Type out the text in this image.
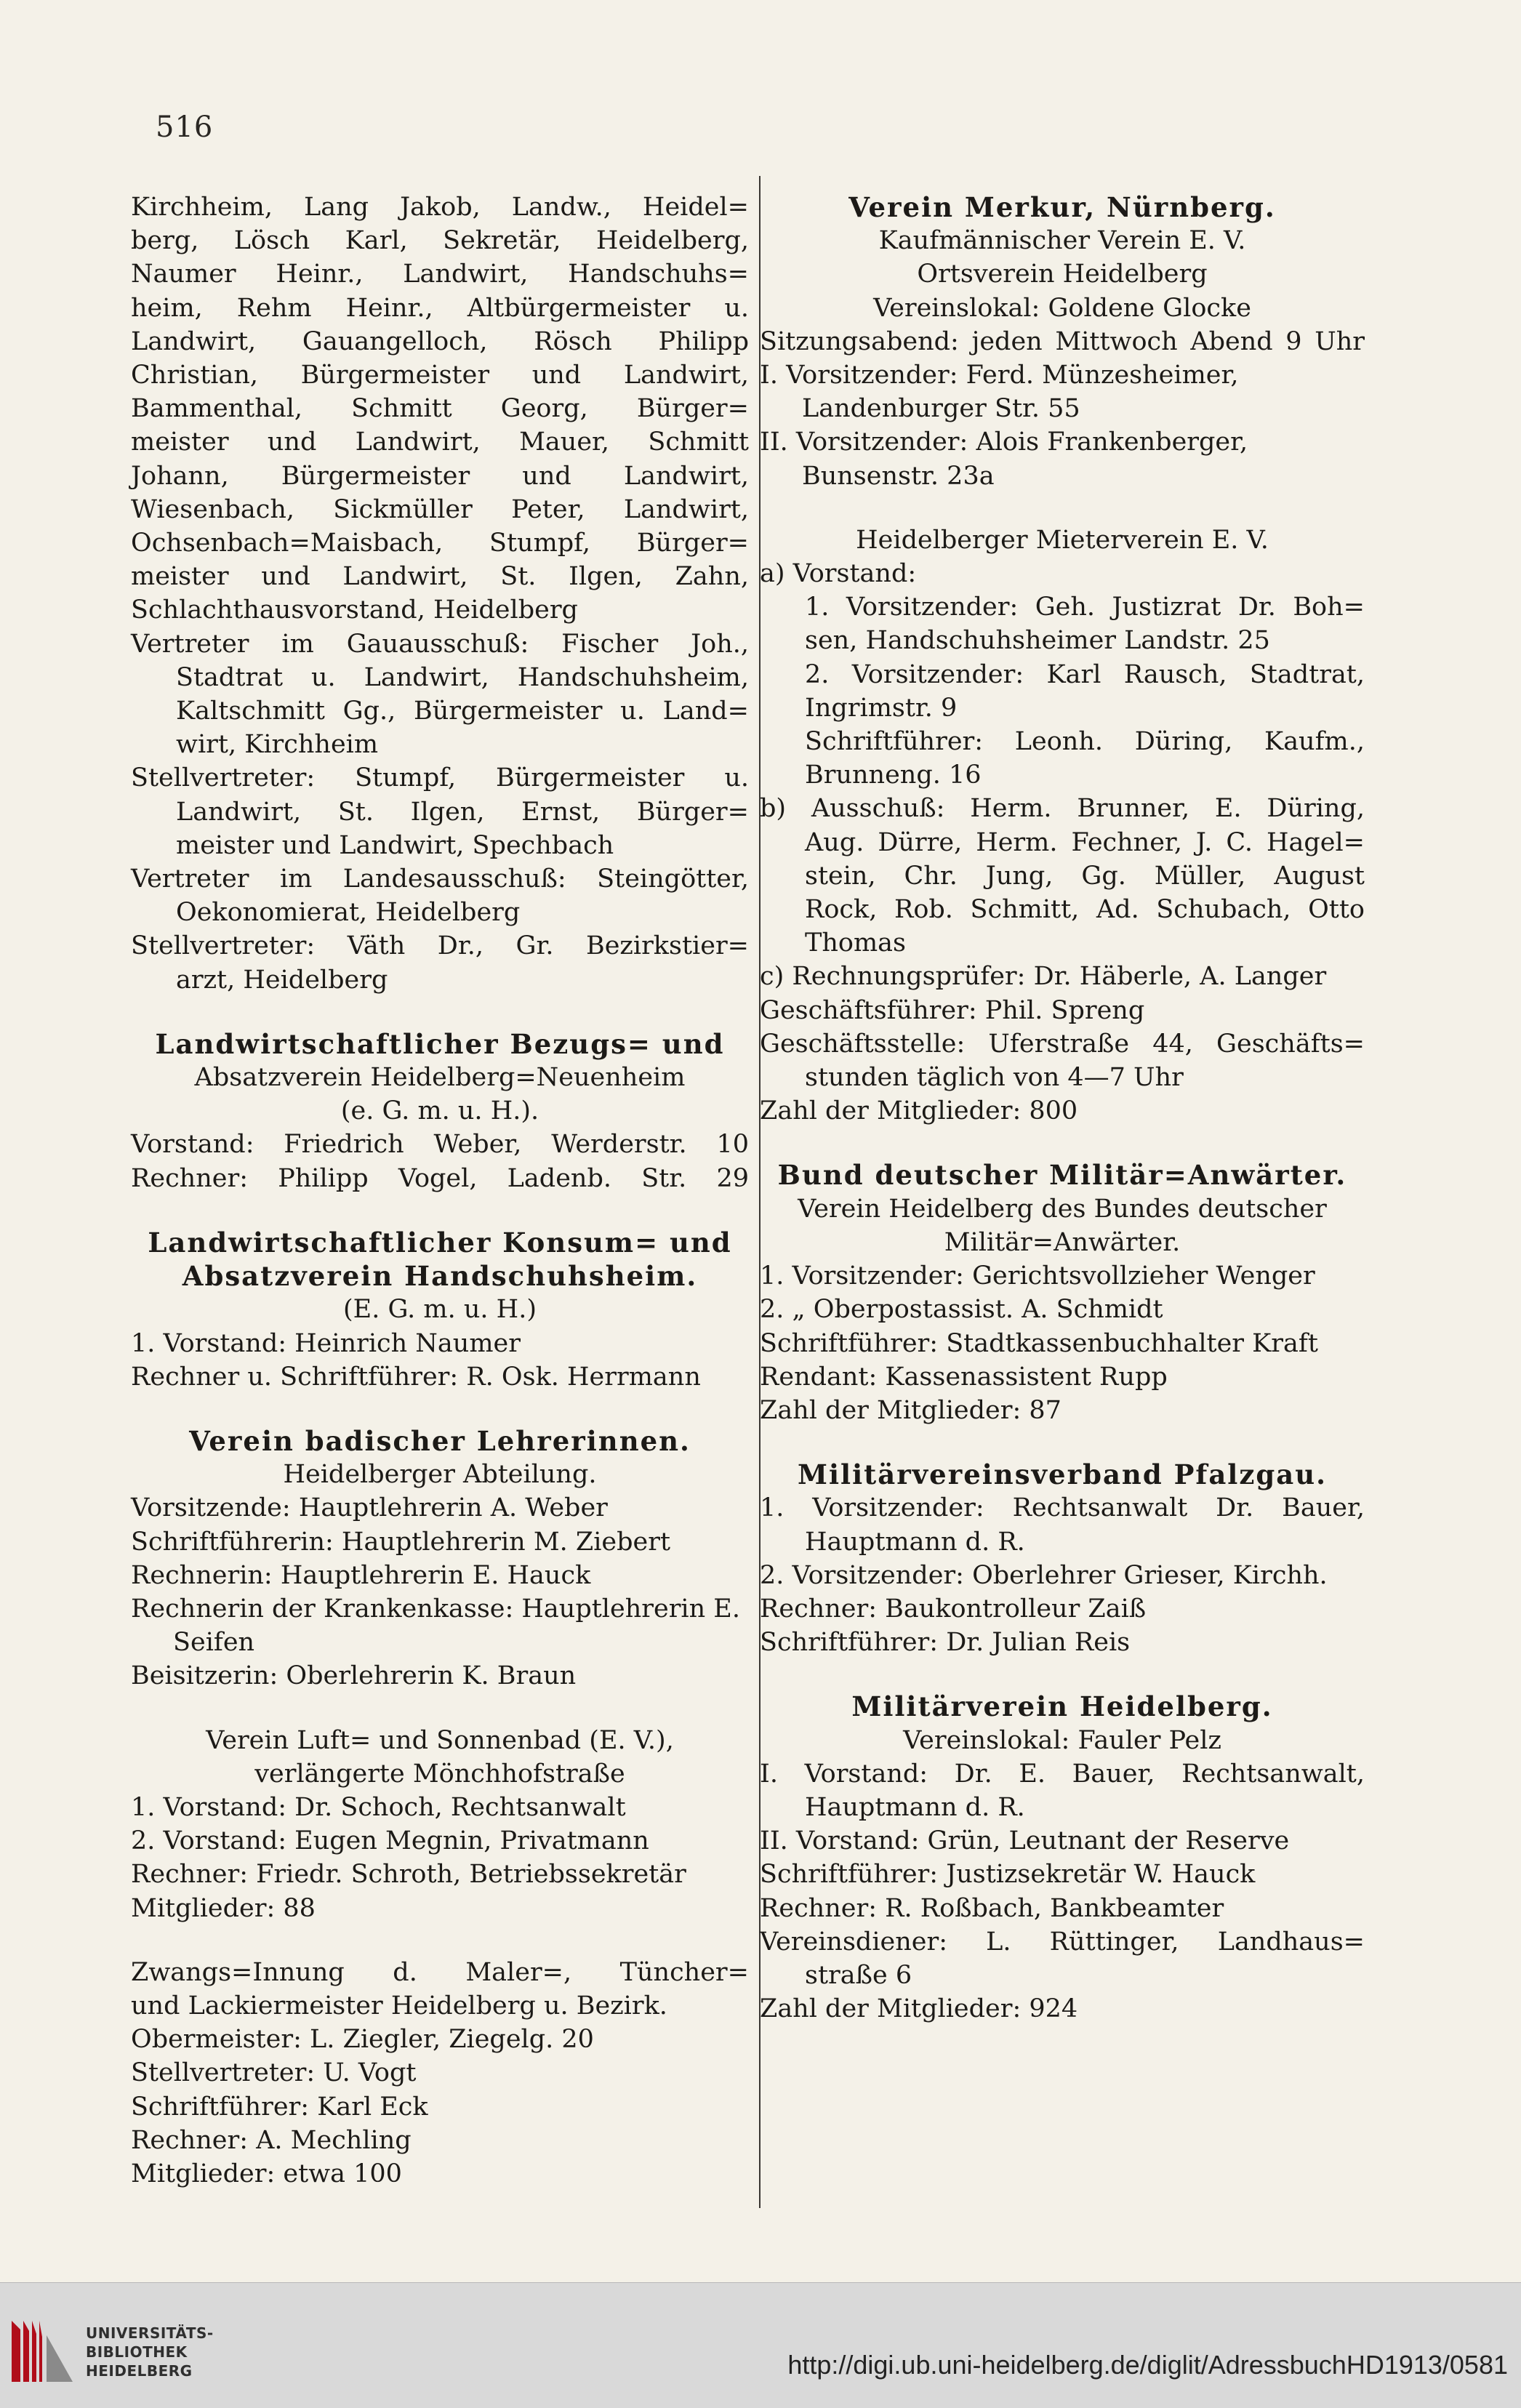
516

Kirchheim, Lang Jakob, Landw., Heidel=

berg, Lösch Karl, Sekretär, Heidelberg,

Naumer Heinr., Landwirt, Handschuhs=

heim, Rehm Heinr., Altbürgermeister u.

Landwirt, Gauangelloch, Rösch Philipp

Christian, Bürgermeister und Landwirt,

Bammenthal, Schmitt Georg, Bürger=

meister und Landwirt, Mauer, Schmitt

Johann, Bürgermeister und Landwirt,

Wiesenbach, Sickmüller Peter, Landwirt,

Ochsenbach=Maisbach, Stumpf, Bürger=

meister und Landwirt, St. Ilgen, Zahn,

Schlachthausvorstand, Heidelberg

Vertreter im Gauausschuß: Fischer Joh.,

Stadtrat u. Landwirt, Handschuhsheim,

Kaltschmitt Gg., Bürgermeister u. Land=

wirt, Kirchheim

Stellvertreter: Stumpf, Bürgermeister u.

Landwirt, St. Ilgen, Ernst, Bürger=

meister und Landwirt, Spechbach

Vertreter im Landesausschuß: Steingötter,

Oekonomierat, Heidelberg

Stellvertreter: Väth Dr., Gr. Bezirkstier=

arzt, Heidelberg

Landwirtschaftlicher Bezugs= und

Absatzverein Heidelberg=Neuenheim

(e. G. m. u. H.).

Vorstand: Friedrich Weber, Werderstr. 10

Rechner: Philipp Vogel, Ladenb. Str. 29

Landwirtschaftlicher Konsum= und

Absatzverein Handschuhsheim.

(E. G. m. u. H.)

1. Vorstand: Heinrich Naumer

Rechner u. Schriftführer: R. Osk. Herrmann

Verein badischer Lehrerinnen.

Heidelberger Abteilung.

Vorsitzende: Hauptlehrerin A. Weber

Schriftführerin: Hauptlehrerin M. Ziebert

Rechnerin: Hauptlehrerin E. Hauck

Rechnerin der Krankenkasse: Hauptlehrerin E. Seifen

Beisitzerin: Oberlehrerin K. Braun

Verein Luft= und Sonnenbad (E. V.),

verlängerte Mönchhofstraße

1. Vorstand: Dr. Schoch, Rechtsanwalt

2. Vorstand: Eugen Megnin, Privatmann

Rechner: Friedr. Schroth, Betriebssekretär

Mitglieder: 88

Zwangs=Innung d. Maler=, Tüncher=

und Lackiermeister Heidelberg u. Bezirk.

Obermeister: L. Ziegler, Ziegelg. 20

Stellvertreter: U. Vogt

Schriftführer: Karl Eck

Rechner: A. Mechling

Mitglieder: etwa 100

Verein Merkur, Nürnberg.

Kaufmännischer Verein E. V.

Ortsverein Heidelberg

Vereinslokal: Goldene Glocke

Sitzungsabend: jeden Mittwoch Abend 9 Uhr

I. Vorsitzender: Ferd. Münzesheimer, Landenburger Str. 55

II. Vorsitzender: Alois Frankenberger, Bunsenstr. 23a

Heidelberger Mieterverein E. V.

a) Vorstand:

1. Vorsitzender: Geh. Justizrat Dr. Boh=

sen, Handschuhsheimer Landstr. 25

2. Vorsitzender: Karl Rausch, Stadtrat,

Ingrimstr. 9

Schriftführer: Leonh. Düring, Kaufm.,

Brunneng. 16

b) Ausschuß: Herm. Brunner, E. Düring,

Aug. Dürre, Herm. Fechner, J. C. Hagel=

stein, Chr. Jung, Gg. Müller, August

Rock, Rob. Schmitt, Ad. Schubach, Otto

Thomas

c) Rechnungsprüfer: Dr. Häberle, A. Langer

Geschäftsführer: Phil. Spreng

Geschäftsstelle: Uferstraße 44, Geschäfts=

stunden täglich von 4—7 Uhr

Zahl der Mitglieder: 800

Bund deutscher Militär=Anwärter.

Verein Heidelberg des Bundes deutscher

Militär=Anwärter.

1. Vorsitzender: Gerichtsvollzieher Wenger

2. „ Oberpostassist. A. Schmidt

Schriftführer: Stadtkassenbuchhalter Kraft

Rendant: Kassenassistent Rupp

Zahl der Mitglieder: 87

Militärvereinsverband Pfalzgau.

1. Vorsitzender: Rechtsanwalt Dr. Bauer,

Hauptmann d. R.

2. Vorsitzender: Oberlehrer Grieser, Kirchh.

Rechner: Baukontrolleur Zaiß

Schriftführer: Dr. Julian Reis

Militärverein Heidelberg.

Vereinslokal: Fauler Pelz

I. Vorstand: Dr. E. Bauer, Rechtsanwalt,

Hauptmann d. R.

II. Vorstand: Grün, Leutnant der Reserve

Schriftführer: Justizsekretär W. Hauck

Rechner: R. Roßbach, Bankbeamter

Vereinsdiener: L. Rüttinger, Landhaus=

straße 6

Zahl der Mitglieder: 924

UNIVERSITÄTS-
BIBLIOTHEK
HEIDELBERG	http://digi.ub.uni-heidelberg.de/diglit/AdressbuchHD1913/0581
